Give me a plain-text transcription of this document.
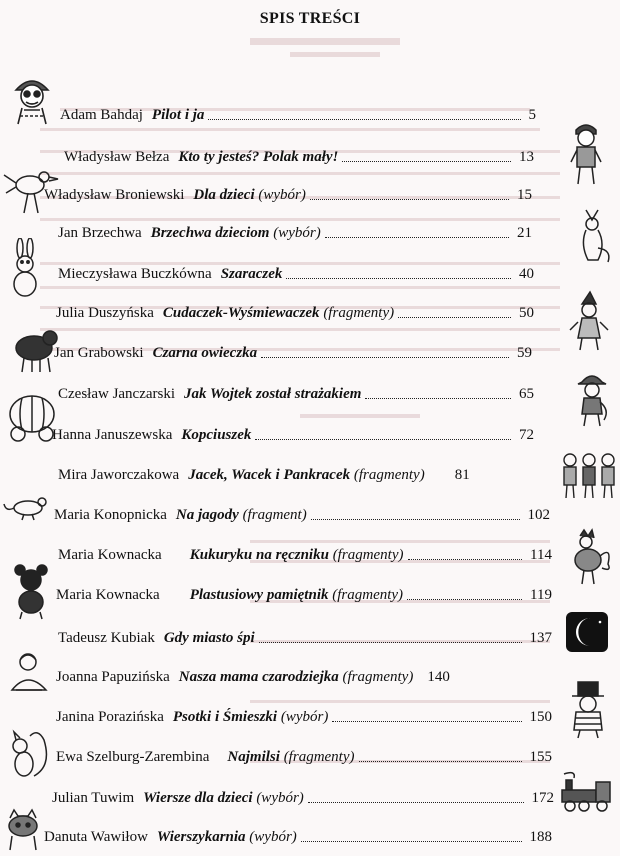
SPIS TREŚCI
Adam Bahdaj Pilot i ja	5
Władysław Bełza Kto ty jesteś? Polak mały!	13
Władysław Broniewski Dla dzieci (wybór)	15
Jan Brzechwa Brzechwa dzieciom (wybór)	21
Mieczysława Buczkówna Szaraczek	40
Julia Duszyńska Cudaczek-Wyśmiewaczek (fragmenty)	50
Jan Grabowski Czarna owieczka	59
Czesław Janczarski Jak Wojtek został strażakiem	65
Hanna Januszewska Kopciuszek	72
Mira Jaworczakowa Jacek, Wacek i Pankracek (fragmenty) 81
Maria Konopnicka Na jagody (fragment)	102
Maria Kownacka Kukuryku na ręczniku (fragmenty)	114
Maria Kownacka Plastusiowy pamiętnik (fragmenty)	119
Tadeusz Kubiak Gdy miasto śpi	137
Joanna Papuzińska Nasza mama czarodziejka (fragmenty) 140
Janina Porazińska Psotki i Śmieszki (wybór)	150
Ewa Szelburg-Zarembina Najmilsi (fragmenty)	155
Julian Tuwim Wiersze dla dzieci (wybór)	172
Danuta Wawiłow Wierszykarnia (wybór)	188
